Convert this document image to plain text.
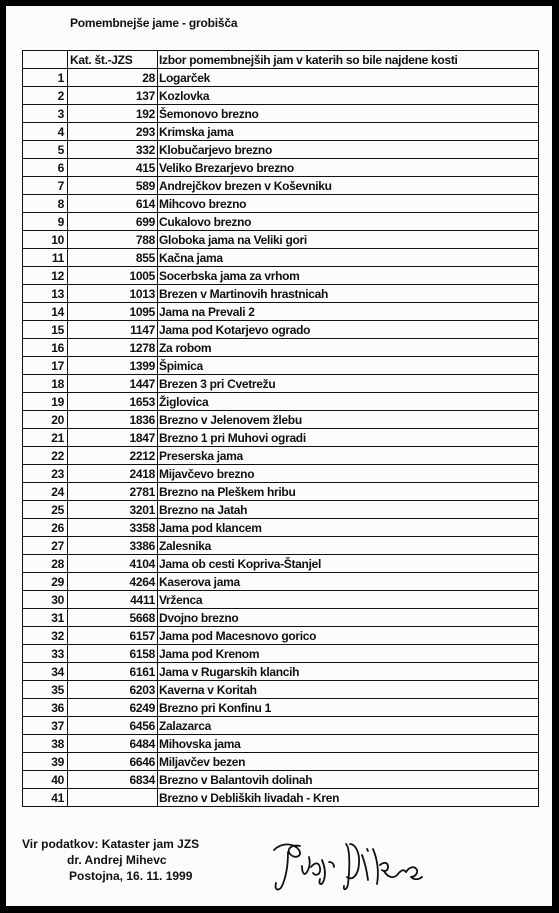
Pomembnejše jame - grobišča
	Kat. št.-JZS	Izbor pomembnejših jam v katerih so bile najdene kosti
1	28	Logarček
2	137	Kozlovka
3	192	Šemonovo brezno
4	293	Krimska jama
5	332	Klobučarjevo brezno
6	415	Veliko Brezarjevo brezno
7	589	Andrejčkov brezen v Koševniku
8	614	Mihcovo brezno
9	699	Cukalovo brezno
10	788	Globoka jama na Veliki gori
11	855	Kačna jama
12	1005	Socerbska jama za vrhom
13	1013	Brezen v Martinovih hrastnicah
14	1095	Jama na Prevali 2
15	1147	Jama pod Kotarjevo ogrado
16	1278	Za robom
17	1399	Špimica
18	1447	Brezen 3 pri Cvetrežu
19	1653	Žiglovica
20	1836	Brezno v Jelenovem žlebu
21	1847	Brezno 1 pri Muhovi ogradi
22	2212	Preserska jama
23	2418	Mijavčevo brezno
24	2781	Brezno na Pleškem hribu
25	3201	Brezno na Jatah
26	3358	Jama pod klancem
27	3386	Zalesnika
28	4104	Jama ob cesti Kopriva-Štanjel
29	4264	Kaserova jama
30	4411	Vrženca
31	5668	Dvojno brezno
32	6157	Jama pod Macesnovo gorico
33	6158	Jama pod Krenom
34	6161	Jama v Rugarskih klancih
35	6203	Kaverna v Koritah
36	6249	Brezno pri Konfinu 1
37	6456	Zalazarca
38	6484	Mihovska jama
39	6646	Miljavčev bezen
40	6834	Brezno v Balantovih dolinah
41		Brezno v Debliških livadah - Kren
Vir podatkov: Kataster jam JZS
dr. Andrej Mihevc
Postojna, 16. 11. 1999
